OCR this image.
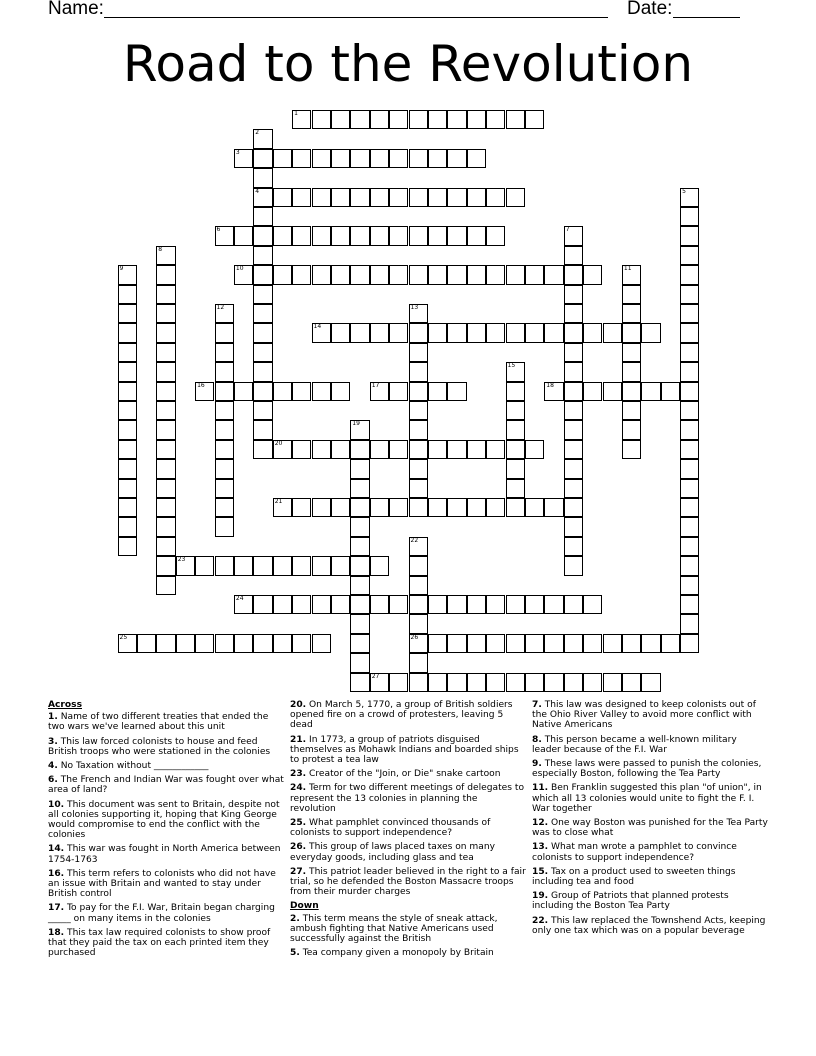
Name:	Date:
Road to the Revolution
1
3
4
6
10
14
16	17	18
20
21
23
24
25	26
27
2
5
7
8
9	11
12	13
15
19
22
Across
1. Name of two different treaties that ended the two wars we've learned about this unit
3. This law forced colonists to house and feed British troops who were stationed in the colonies
4. No Taxation without ____________
6. The French and Indian War was fought over what area of land?
10. This document was sent to Britain, despite not all colonies supporting it, hoping that King George would compromise to end the conflict with the colonies
14. This war was fought in North America between 1754-1763
16. This term refers to colonists who did not have an issue with Britain and wanted to stay under British control
17. To pay for the F.I. War, Britain began charging _____ on many items in the colonies
18. This tax law required colonists to show proof that they paid the tax on each printed item they purchased
20. On March 5, 1770, a group of British soldiers opened fire on a crowd of protesters, leaving 5 dead
21. In 1773, a group of patriots disguised themselves as Mohawk Indians and boarded ships to protest a tea law
23. Creator of the "Join, or Die" snake cartoon
24. Term for two different meetings of delegates to represent the 13 colonies in planning the revolution
25. What pamphlet convinced thousands of colonists to support independence?
26. This group of laws placed taxes on many everyday goods, including glass and tea
27. This patriot leader believed in the right to a fair trial, so he defended the Boston Massacre troops from their murder charges
Down
2. This term means the style of sneak attack, ambush fighting that Native Americans used successfully against the British
5. Tea company given a monopoly by Britain
7. This law was designed to keep colonists out of the Ohio River Valley to avoid more conflict with Native Americans
8. This person became a well-known military leader because of the F.I. War
9. These laws were passed to punish the colonies, especially Boston, following the Tea Party
11. Ben Franklin suggested this plan "of union", in which all 13 colonies would unite to fight the F. I. War together
12. One way Boston was punished for the Tea Party was to close what
13. What man wrote a pamphlet to convince colonists to support independence?
15. Tax on a product used to sweeten things including tea and food
19. Group of Patriots that planned protests including the Boston Tea Party
22. This law replaced the Townshend Acts, keeping only one tax which was on a popular beverage
